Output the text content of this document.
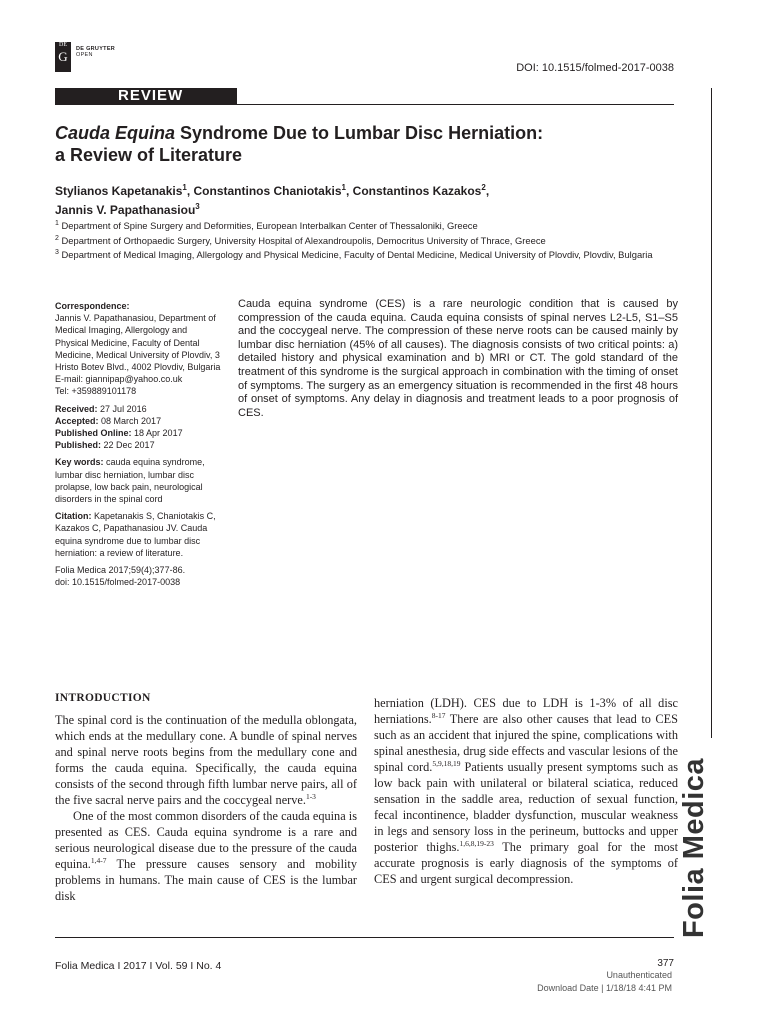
DE
G	DE GRUYTER
OPEN
DOI: 10.1515/folmed-2017-0038
REVIEW
Cauda Equina Syndrome Due to Lumbar Disc Herniation:
a Review of Literature
Stylianos Kapetanakis$^1$, Constantinos Chaniotakis$^1$, Constantinos Kazakos$^2$,
Jannis V. Papathanasiou$^3$
$^1$ Department of Spine Surgery and Deformities, European Interbalkan Center of Thessaloniki, Greece
$^2$ Department of Orthopaedic Surgery, University Hospital of Alexandroupolis, Democritus University of Thrace, Greece
$^3$ Department of Medical Imaging, Allergology and Physical Medicine, Faculty of Dental Medicine, Medical University of Plovdiv, Plovdiv, Bulgaria
Correspondence:
Jannis V. Papathanasiou, Department of Medical Imaging, Allergology and Physical Medicine, Faculty of Dental Medicine, Medical University of Plovdiv, 3 Hristo Botev Blvd., 4002 Plovdiv, Bulgaria
E-mail: giannipap@yahoo.co.uk
Tel: +359889101178
Received: 27 Jul 2016
Accepted: 08 March 2017
Published Online: 18 Apr 2017
Published: 22 Dec 2017
Key words: cauda equina syndrome, lumbar disc herniation, lumbar disc prolapse, low back pain, neurological disorders in the spinal cord
Citation: Kapetanakis S, Chaniotakis C, Kazakos C, Papathanasiou JV. Cauda equina syndrome due to lumbar disc herniation: a review of literature.
Folia Medica 2017;59(4);377-86.
doi: 10.1515/folmed-2017-0038
Cauda equina syndrome (CES) is a rare neurologic condition that is caused by compression of the cauda equina. Cauda equina consists of spinal nerves L2-L5, S1–S5 and the coccygeal nerve. The compression of these nerve roots can be caused mainly by lumbar disc herniation (45% of all causes). The diagnosis consists of two critical points: a) detailed history and physical examination and b) MRI or CT. The gold standard of the treatment of this syndrome is the surgical approach in combination with the timing of onset of symptoms. The surgery as an emergency situation is recommended in the first 48 hours of onset of symptoms. Any delay in diagnosis and treatment leads to a poor prognosis of CES.
INTRODUCTION

The spinal cord is the continuation of the medulla oblongata, which ends at the medullary cone. A bundle of spinal nerves and spinal nerve roots begins from the medullary cone and forms the cauda equina. Specifically, the cauda equina consists of the second through fifth lumbar nerve pairs, all of the five sacral nerve pairs and the coccygeal nerve.$^{1-3}$

One of the most common disorders of the cauda equina is presented as CES. Cauda equina syndrome is a rare and serious neurological disease due to the pressure of the cauda equina.$^{1,4-7}$ The pressure causes sensory and mobility problems in humans. The main cause of CES is the lumbar disk

herniation (LDH). CES due to LDH is 1-3% of all disc herniations.$^{8-17}$ There are also other causes that lead to CES such as an accident that injured the spine, complications with spinal anesthesia, drug side effects and vascular lesions of the spinal cord.$^{5,9,18,19}$ Patients usually present symptoms such as low back pain with unilateral or bilateral sciatica, reduced sensation in the saddle area, reduction of sexual function, fecal incontinence, bladder dysfunction, muscular weakness in legs and sensory loss in the perineum, buttocks and upper posterior thighs.$^{1,6,8,19-23}$ The primary goal for the most accurate prognosis is early diagnosis of the symptoms of CES and urgent surgical decompression.	Folia Medica
Folia Medica I 2017 I Vol. 59 I No. 4	377
Unauthenticated
Download Date | 1/18/18 4:41 PM
